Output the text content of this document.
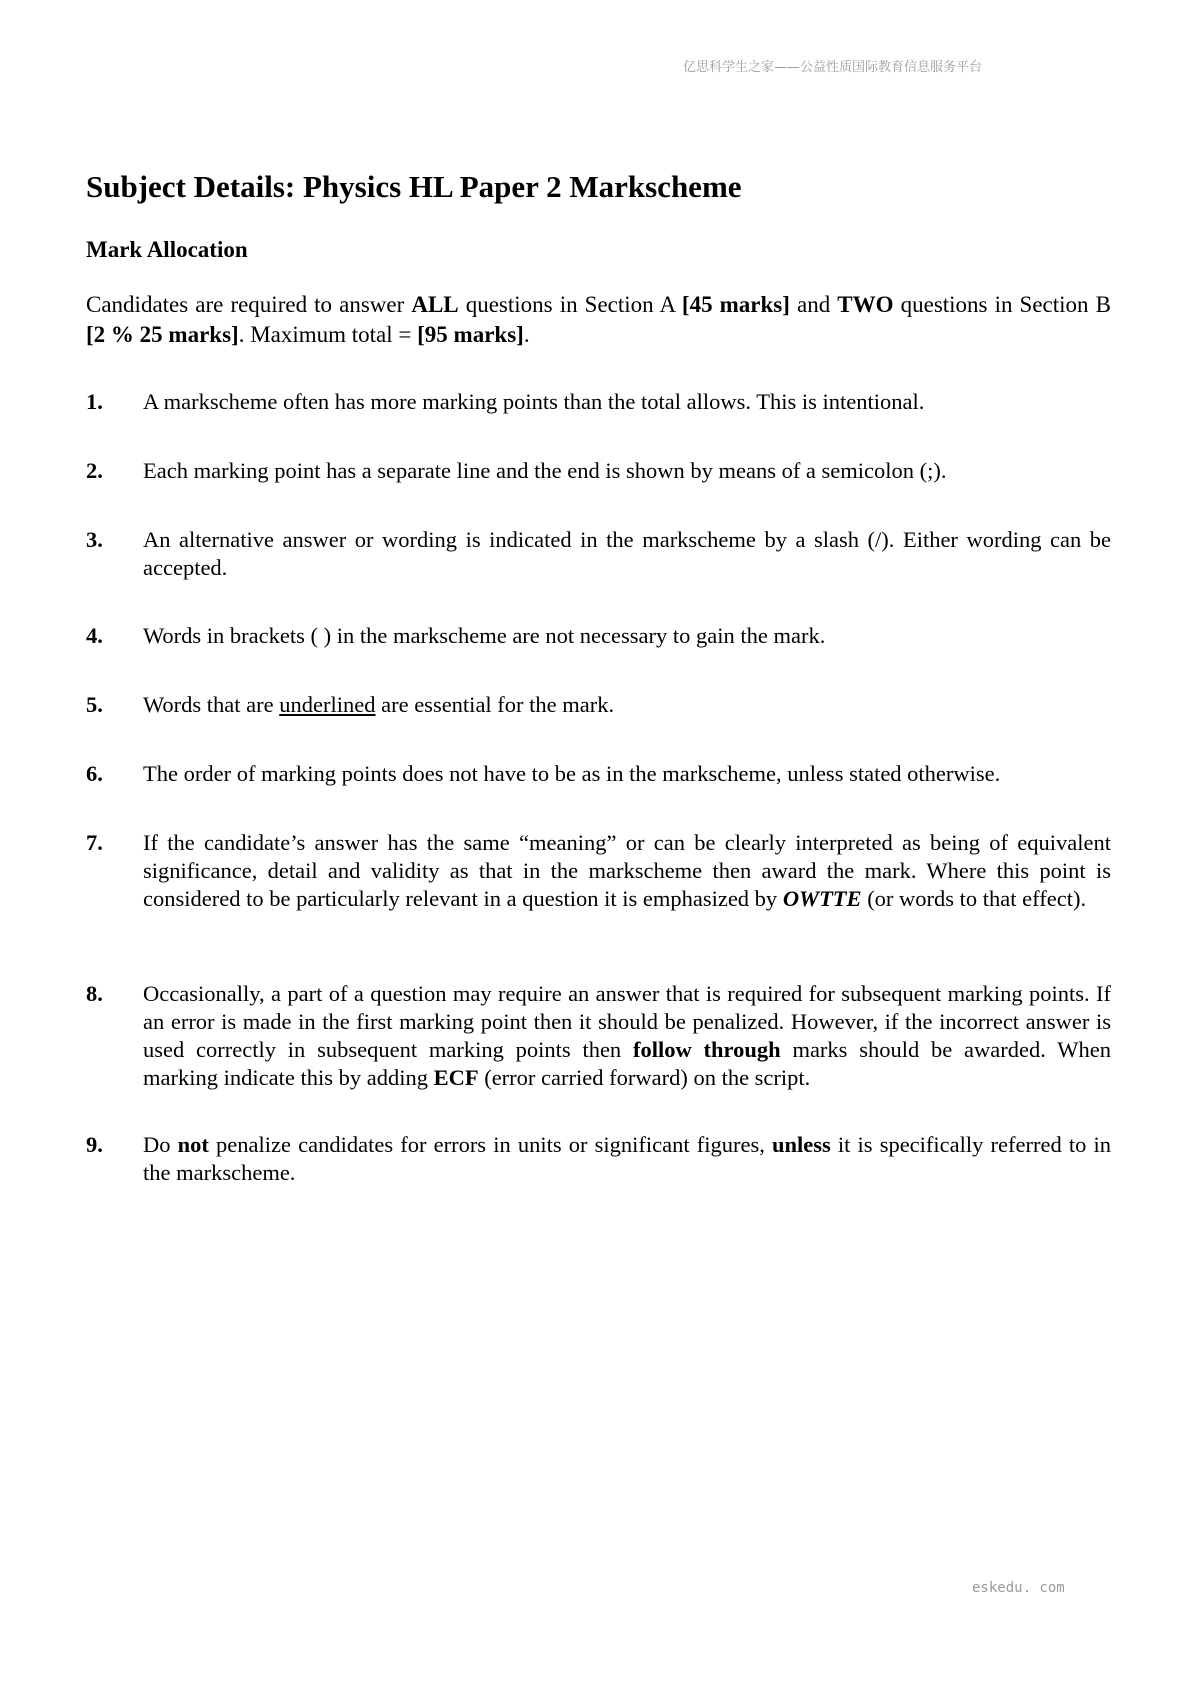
亿思科学生之家——公益性质国际教育信息服务平台
Subject Details: Physics HL Paper 2 Markscheme
Mark Allocation

Candidates are required to answer ALL questions in Section A [45 marks] and TWO questions in Section B [2 % 25 marks]. Maximum total = [95 marks].

1.	A markscheme often has more marking points than the total allows. This is intentional.

2.	Each marking point has a separate line and the end is shown by means of a semicolon (;).

3.	An alternative answer or wording is indicated in the markscheme by a slash (/). Either wording can be accepted.

4.	Words in brackets ( ) in the markscheme are not necessary to gain the mark.

5.	Words that are underlined are essential for the mark.

6.	The order of marking points does not have to be as in the markscheme, unless stated otherwise.

7.	If the candidate’s answer has the same “meaning” or can be clearly interpreted as being of equivalent significance, detail and validity as that in the markscheme then award the mark. Where this point is considered to be particularly relevant in a question it is emphasized by OWTTE (or words to that effect).

8.	Occasionally, a part of a question may require an answer that is required for subsequent marking points. If an error is made in the first marking point then it should be penalized. However, if the incorrect answer is used correctly in subsequent marking points then follow through marks should be awarded. When marking indicate this by adding ECF (error carried forward) on the script.

9.	Do not penalize candidates for errors in units or significant figures, unless it is specifically referred to in the markscheme.

eskedu. com
